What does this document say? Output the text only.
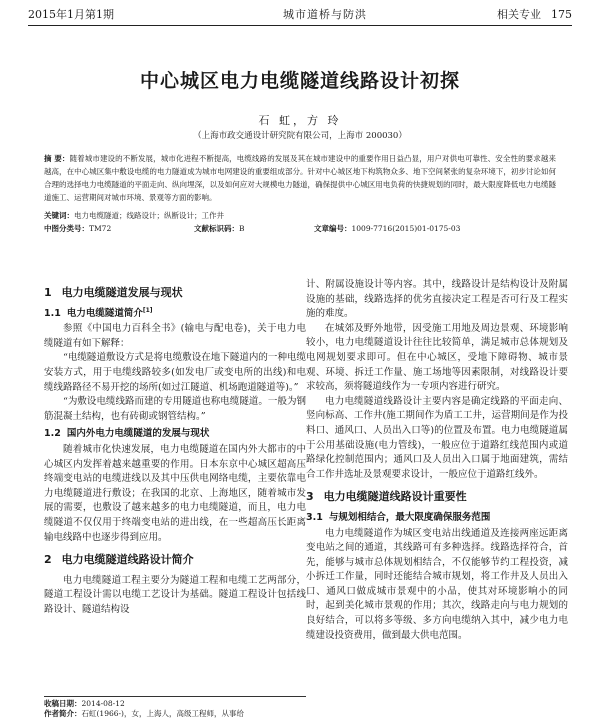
2015年1月第1期	城市道桥与防洪	相关专业 175
中心城区电力电缆隧道线路设计初探
石 虹，方 玲
（上海市政交通设计研究院有限公司，上海市 200030）
摘 要：随着城市建设的不断发展，城市化进程不断提高，电缆线路的发展及其在城市建设中的重要作用日益凸显，用户对供电可靠性、安全性的要求越来越高，在中心城区集中敷设电缆的电力隧道成为城市电网建设的重要组成部分。针对中心城区地下构筑物众多、地下空间紧张的复杂环境下，初步讨论如何合理的选择电力电缆隧道的平面走向、纵向埋深，以及如何应对大规模电力隧道，确保提供中心城区用电负荷的快捷规划的同时，最大限度降低电力电缆隧道施工、运营期间对城市环境、景观等方面的影响。
关键词：电力电缆隧道；线路设计；纵断设计；工作井
中图分类号：TM72	文献标识码：B	文章编号：1009-7716(2015)01-0175-03
1 电力电缆隧道发展与现状
1.1 电力电缆隧道简介[1]

参照《中国电力百科全书》(输电与配电卷)，关于电力电缆隧道有如下解释：

“电缆隧道敷设方式是将电缆敷设在地下隧道内的一种电缆安装方式，用于电缆线路较多(如发电厂或变电所的出线)和电缆线路路径不易开挖的场所(如过江隧道、机场跑道隧道等)。”

“为敷设电缆线路而建的专用隧道也称电缆隧道。一般为钢筋混凝土结构，也有砖砌或钢管结构。”

1.2 国内外电力电缆隧道的发展与现状

随着城市化快速发展，电力电缆隧道在国内外大都市的中心城区内发挥着越来越重要的作用。日本东京中心城区超高压终端变电站的电缆进线以及其中压供电网络电缆，主要依靠电力电缆隧道进行敷设；在我国的北京、上海地区，随着城市发展的需要，也敷设了越来越多的电力电缆隧道，而且，电力电缆隧道不仅仅用于终端变电站的进出线，在一些超高压长距离输电线路中也逐步得到应用。

2 电力电缆隧道线路设计简介

电力电缆隧道工程主要分为隧道工程和电缆工艺两部分，隧道工程设计需以电缆工艺设计为基础。隧道工程设计包括线路设计、隧道结构设

计、附属设施设计等内容。其中，线路设计是结构设计及附属设施的基础，线路选择的优劣直接决定工程是否可行及工程实施的难度。

在城郊及野外地带，因受施工用地及周边景观、环境影响较小，电力电缆隧道设计往往比较简单，满足城市总体规划及电网规划要求即可。但在中心城区，受地下障碍物、城市景观、环境、拆迁工作量、施工场地等因素限制，对线路设计要求较高，须将隧道线作为一专项内容进行研究。

电力电缆隧道线路设计主要内容是确定线路的平面走向、竖向标高、工作井(施工期间作为盾工工井，运营期间是作为投料口、通风口、人员出入口等)的位置及布置。电力电缆隧道属于公用基础设施(电力管线)，一般应位于道路红线范围内或道路绿化控制范围内；通风口及人员出入口属于地面建筑，需结合工作井选址及景观要求设计，一般应位于道路红线外。

3 电力电缆隧道线路设计重要性
3.1 与规划相结合，最大限度确保服务范围

电力电缆隧道作为城区变电站出线通道及连接两座远距离变电站之间的通道，其线路可有多种选择。线路选择符合，首先，能够与城市总体规划相结合，不仅能够节约工程投资，减小拆迁工作量，同时还能结合城市规划，将工作井及人员出入口、通风口做成城市景观中的小品，使其对环境影响小的同时，起到美化城市景观的作用；其次，线路走向与电力规划的良好结合，可以将多等级、多方向电缆纳入其中，减少电力电缆建设投资费用，做到最大供电范围。

收稿日期：2014-08-12
作者简介：石虹(1966-)，女，上海人，高级工程师，从事给
